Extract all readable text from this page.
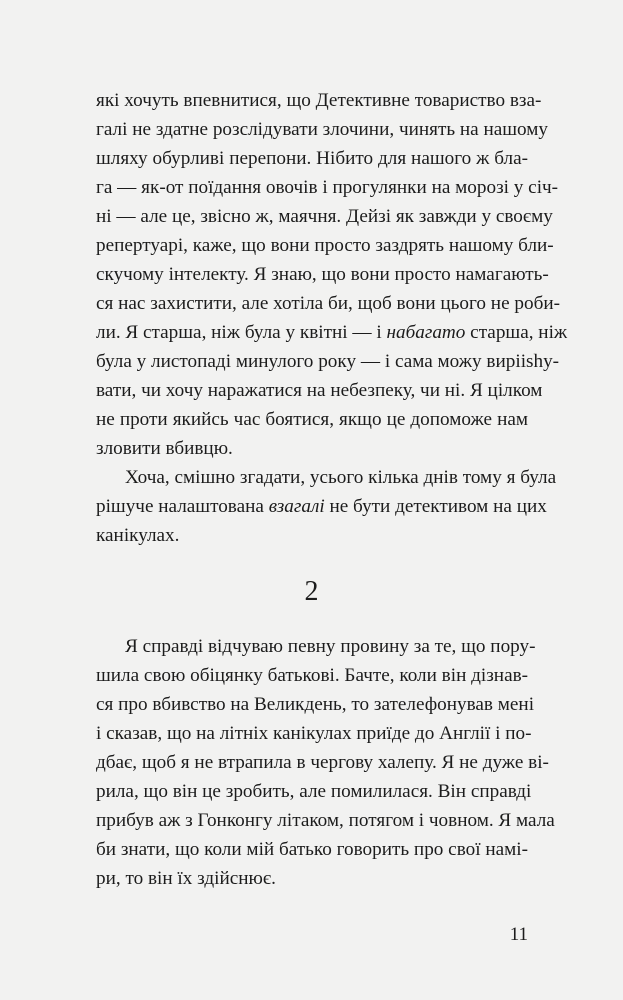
які хочуть впевнитися, що Детективне товариство вза-
галі не здатне розслідувати злочини, чинять на нашому
шляху обурливі перепони. Нібито для нашого ж бла-
га — як-от поїдання овочів і прогулянки на морозі у січ-
ні — але це, звісно ж, маячня. Дейзі як завжди у своєму
репертуарі, каже, що вони просто заздрять нашому бли-
скучому інтелекту. Я знаю, що вони просто намагають-
ся нас захистити, але хотіла би, щоб вони цього не роби-
ли. Я старша, ніж була у квітні — і набагато старша, ніж
була у листопаді минулого року — і сама можу виріishу-
вати, чи хочу наражатися на небезпеку, чи ні. Я цілком
не проти якийсь час боятися, якщо це допоможе нам
зловити вбивцю.
Хоча, смішно згадати, усього кілька днів тому я була
рішуче налаштована взагалі не бути детективом на цих
канікулах.
2
Я справді відчуваю певну провину за те, що пору-
шила свою обіцянку батькові. Бачте, коли він дізнав-
ся про вбивство на Великдень, то зателефонував мені
і сказав, що на літніх канікулах приїде до Англії і по-
дбає, щоб я не втрапила в чергову халепу. Я не дуже ві-
рила, що він це зробить, але помилилася. Він справді
прибув аж з Гонконгу літаком, потягом і човном. Я мала
би знати, що коли мій батько говорить про свої намі-
ри, то він їх здійснює.
11
